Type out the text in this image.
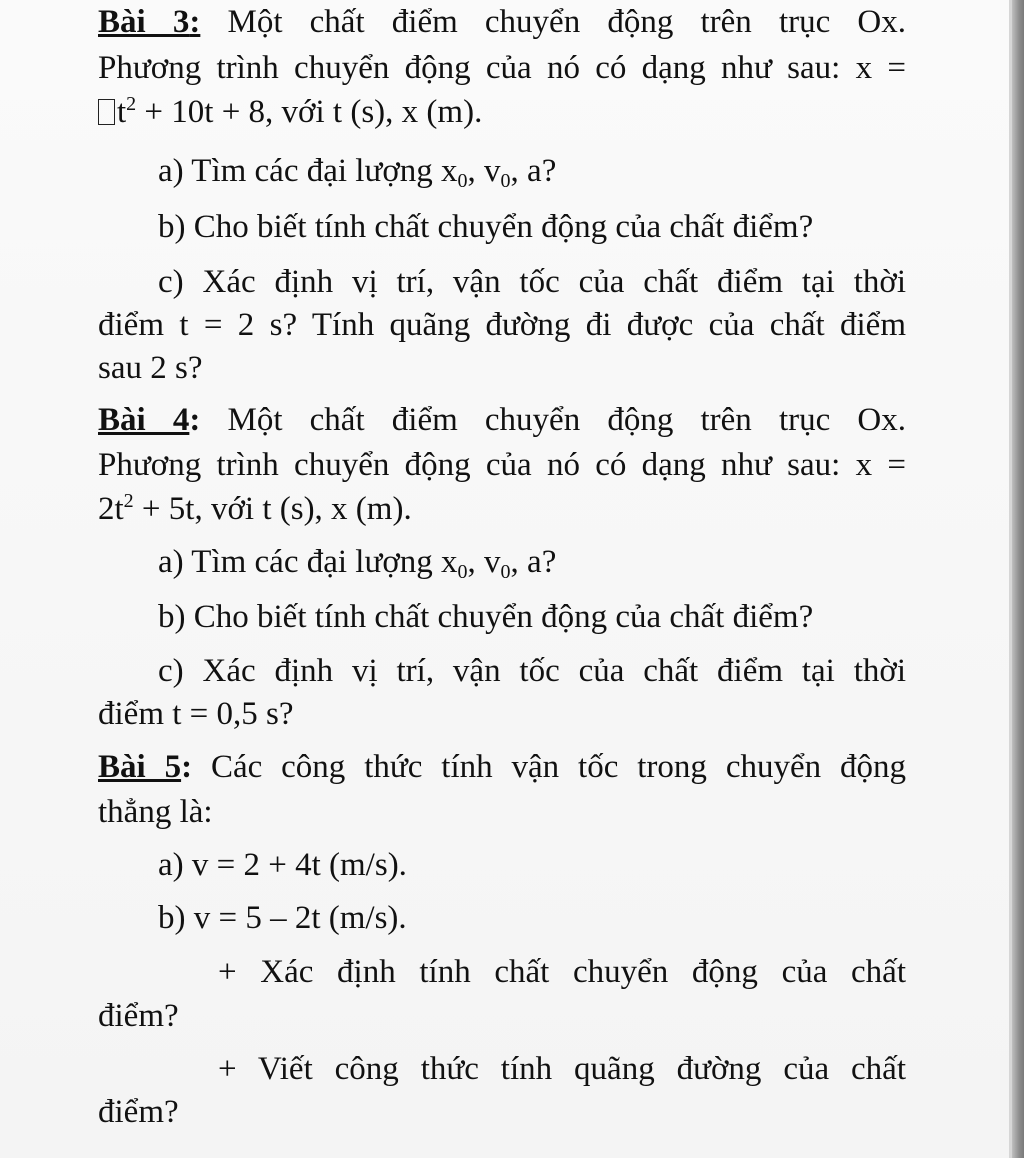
Bài 3: Một chất điểm chuyển động trên trục Ox.
Phương trình chuyển động của nó có dạng như sau: x =
$t^2 + 10t + 8$, với t (s), x (m).
a) Tìm các đại lượng $x_0$, $v_0$, a?
b) Cho biết tính chất chuyển động của chất điểm?
c) Xác định vị trí, vận tốc của chất điểm tại thời
điểm t = 2 s? Tính quãng đường đi được của chất điểm
sau 2 s?
Bài 4: Một chất điểm chuyển động trên trục Ox.
Phương trình chuyển động của nó có dạng như sau: x =
$2t^2 + 5t$, với t (s), x (m).
a) Tìm các đại lượng $x_0$, $v_0$, a?
b) Cho biết tính chất chuyển động của chất điểm?
c) Xác định vị trí, vận tốc của chất điểm tại thời
điểm t = 0,5 s?
Bài 5: Các công thức tính vận tốc trong chuyển động
thẳng là:
a) v = 2 + 4t (m/s).
b) v = 5 – 2t (m/s).
+ Xác định tính chất chuyển động của chất
điểm?
+ Viết công thức tính quãng đường của chất
điểm?
